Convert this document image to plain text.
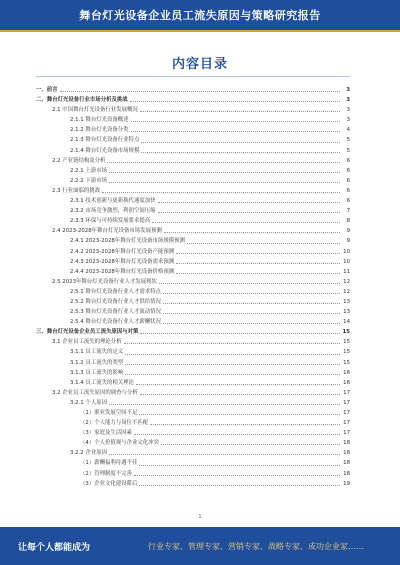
舞台灯光设备企业员工流失原因与策略研究报告
内容目录
一、前言	3
二、舞台灯光设备行业市场分析及挑战	3
2.1 中国舞台灯光设备行业发展概况	3
2.1.1 舞台灯光设备概述	3
2.1.2 舞台灯光设备分类	4
2.1.3 舞台灯光设备行业特点	5
2.1.4 舞台灯光设备市场规模	5
2.2 产业链结构及分析	6
2.2.1 上游市场	6
2.2.2 下游市场	6
2.3 行业面临的挑战	6
2.3.1 技术创新与更新换代速度加快	6
2.3.2 市场竞争激烈，利润空间压缩	7
2.3.3 环保与可持续发展要求提高	8
2.4 2023-2028年舞台灯光设备市场发展预测	9
2.4.1 2023-2028年舞台灯光设备市场规模预测	9
2.4.2 2023-2028年舞台灯光设备产能预测	10
2.4.3 2023-2028年舞台灯光设备需求预测	10
2.4.4 2023-2028年舞台灯光设备价格预测	11
2.5 2023年舞台灯光设备行业人才发展现状	12
2.5.1 舞台灯光设备行业人才需求特点	12
2.5.2 舞台灯光设备行业人才供给情况	13
2.5.3 舞台灯光设备行业人才流动情况	13
2.5.4 舞台灯光设备行业人才薪酬状况	14
三、舞台灯光设备企业员工流失原因与对策	15
3.1 企业员工流失的理论分析	15
3.1.1 员工流失的定义	15
3.1.2 员工流失的类型	15
3.1.3 员工流失的影响	16
3.1.4 员工流失的相关理论	16
3.2 企业员工流失原因的调查与分析	17
3.2.1 个人原因	17
（1）职业发展空间不足	17
（2）个人能力与岗位不匹配	17
（3）家庭及生活因素	17
（4）个人价值观与企业文化冲突	18
3.2.2 企业原因	18
（1）薪酬福利待遇不佳	18
（2）管理制度不完善	18
（3）企业文化建设滞后	19
1
让每个人都能成为	行业专家、管理专家、营销专家、战略专家、成功企业家……
